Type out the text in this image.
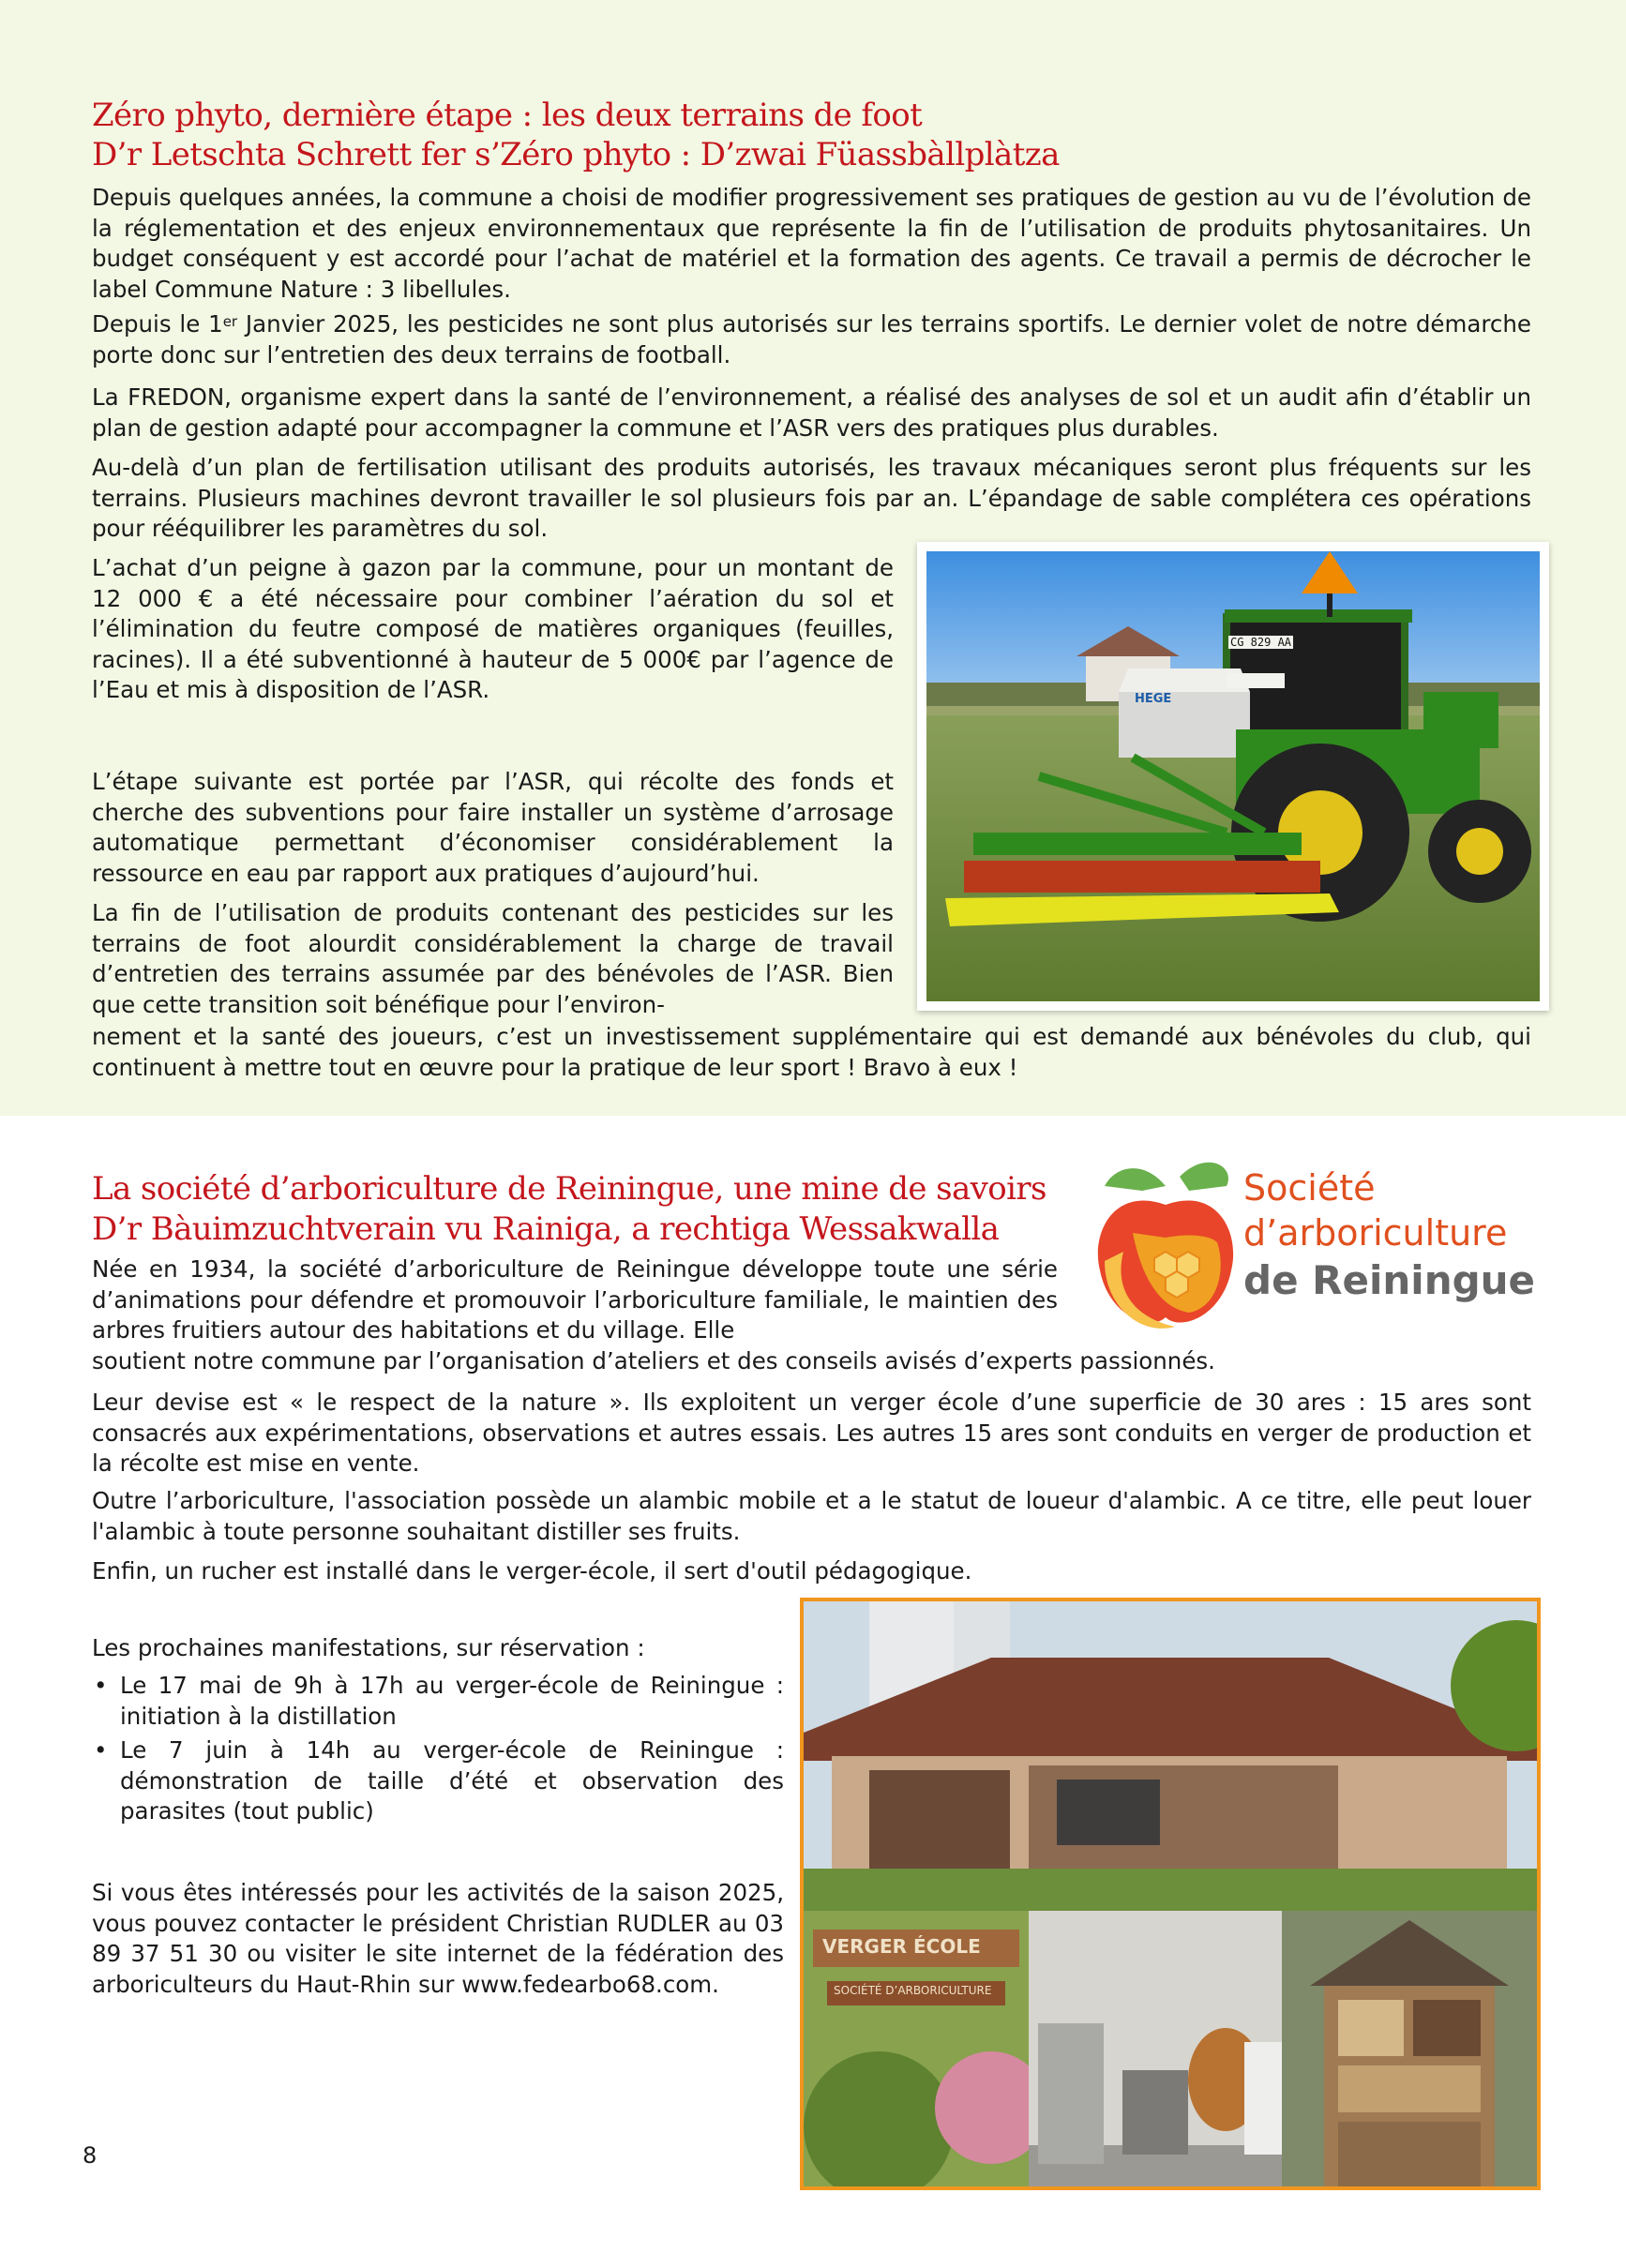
Zéro phyto, dernière étape : les deux terrains de foot
D’r Letschta Schrett fer s’Zéro phyto : D’zwai Füassbàllplàtza

Depuis quelques années, la commune a choisi de modifier progressivement ses pratiques de gestion au vu de l’évolution de la réglementation et des enjeux environnementaux que représente la fin de l’utilisation de produits phytosanitaires. Un budget conséquent y est accordé pour l’achat de matériel et la formation des agents. Ce travail a permis de décrocher le label Commune Nature : 3 libellules.

Depuis le 1er Janvier 2025, les pesticides ne sont plus autorisés sur les terrains sportifs. Le dernier volet de notre démarche porte donc sur l’entretien des deux terrains de football.

La FREDON, organisme expert dans la santé de l’environnement, a réalisé des analyses de sol et un audit afin d’établir un plan de gestion adapté pour accompagner la commune et l’ASR vers des pratiques plus durables.

Au-delà d’un plan de fertilisation utilisant des produits autorisés, les travaux mécaniques seront plus fréquents sur les terrains. Plusieurs machines devront travailler le sol plusieurs fois par an. L’épandage de sable complétera ces opérations pour rééquilibrer les paramètres du sol.

L’achat d’un peigne à gazon par la commune, pour un montant de 12 000 € a été nécessaire pour combiner l’aération du sol et l’élimination du feutre composé de matières organiques (feuilles, racines). Il a été subventionné à hauteur de 5 000€ par l’agence de l’Eau et mis à disposition de l’ASR.

L’étape suivante est portée par l’ASR, qui récolte des fonds et cherche des subventions pour faire installer un système d’arrosage automatique permettant d’économiser considérablement la ressource en eau par rapport aux pratiques d’aujourd’hui.

La fin de l’utilisation de produits contenant des pesticides sur les terrains de foot alourdit considérablement la charge de travail d’entretien des terrains assumée par des bénévoles de l’ASR. Bien que cette transition soit bénéfique pour l’environ-

nement et la santé des joueurs, c’est un investissement supplémentaire qui est demandé aux bénévoles du club, qui continuent à mettre tout en œuvre pour la pratique de leur sport ! Bravo à eux !

CG 829 AA
HEGE
La société d’arboriculture de Reiningue, une mine de savoirs
D’r Bàuimzuchtverain vu Rainiga, a rechtiga Wessakwalla
Société
d’arboriculture
de Reiningue

Née en 1934, la société d’arboriculture de Reiningue développe toute une série d’animations pour défendre et promouvoir l’arboriculture familiale, le maintien des arbres fruitiers autour des habitations et du village. Elle

soutient notre commune par l’organisation d’ateliers et des conseils avisés d’experts passionnés.

Leur devise est « le respect de la nature ». Ils exploitent un verger école d’une superficie de 30 ares : 15 ares sont consacrés aux expérimentations, observations et autres essais. Les autres 15 ares sont conduits en verger de production et la récolte est mise en vente.

Outre l’arboriculture, l'association possède un alambic mobile et a le statut de loueur d'alambic. A ce titre, elle peut louer l'alambic à toute personne souhaitant distiller ses fruits.

Enfin, un rucher est installé dans le verger-école, il sert d'outil pédagogique.

Les prochaines manifestations, sur réservation :

• Le 17 mai de 9h à 17h au verger-école de Reiningue : initiation à la distillation
• Le 7 juin à 14h au verger-école de Reiningue : démonstration de taille d’été et observation des parasites (tout public)

Si vous êtes intéressés pour les activités de la saison 2025, vous pouvez contacter le président Christian RUDLER au 03 89 37 51 30 ou visiter le site internet de la fédération des arboriculteurs du Haut-Rhin sur www.fedearbo68.com.

VERGER ÉCOLE
SOCIÉTÉ D’ARBORICULTURE
8
